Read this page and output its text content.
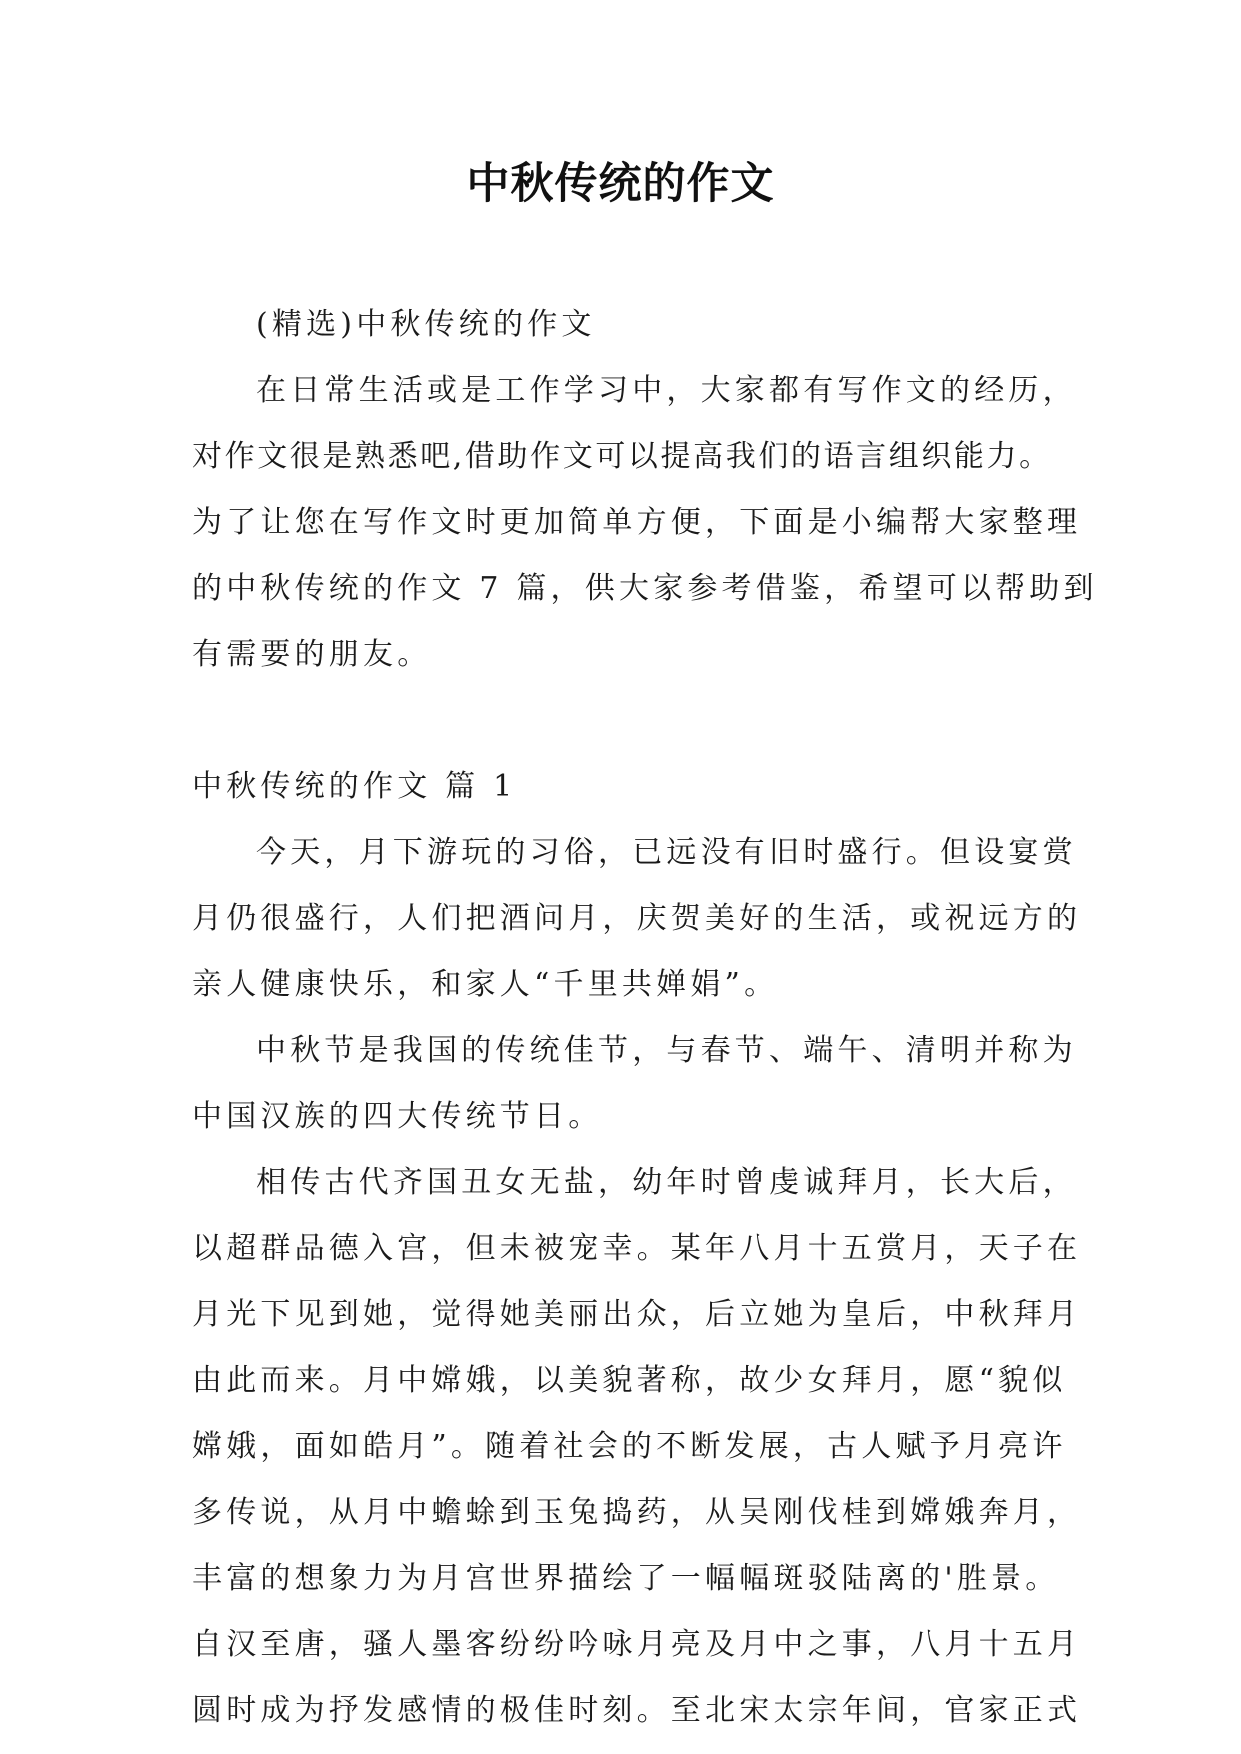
中秋传统的作文
(精选)中秋传统的作文
在日常生活或是工作学习中，大家都有写作文的经历，
对作文很是熟悉吧,借助作文可以提高我们的语言组织能力。
为了让您在写作文时更加简单方便，下面是小编帮大家整理
的中秋传统的作文 7 篇，供大家参考借鉴，希望可以帮助到
有需要的朋友。
中秋传统的作文 篇 1
今天，月下游玩的习俗，已远没有旧时盛行。但设宴赏
月仍很盛行，人们把酒问月，庆贺美好的生活，或祝远方的
亲人健康快乐，和家人“千里共婵娟”。
中秋节是我国的传统佳节，与春节、端午、清明并称为
中国汉族的四大传统节日。
相传古代齐国丑女无盐，幼年时曾虔诚拜月，长大后，
以超群品德入宫，但未被宠幸。某年八月十五赏月，天子在
月光下见到她，觉得她美丽出众，后立她为皇后，中秋拜月
由此而来。月中嫦娥，以美貌著称，故少女拜月，愿“貌似
嫦娥，面如皓月”。随着社会的不断发展，古人赋予月亮许
多传说，从月中蟾蜍到玉兔捣药，从吴刚伐桂到嫦娥奔月，
丰富的想象力为月宫世界描绘了一幅幅斑驳陆离的'胜景。
自汉至唐，骚人墨客纷纷吟咏月亮及月中之事，八月十五月
圆时成为抒发感情的极佳时刻。至北宋太宗年间，官家正式
